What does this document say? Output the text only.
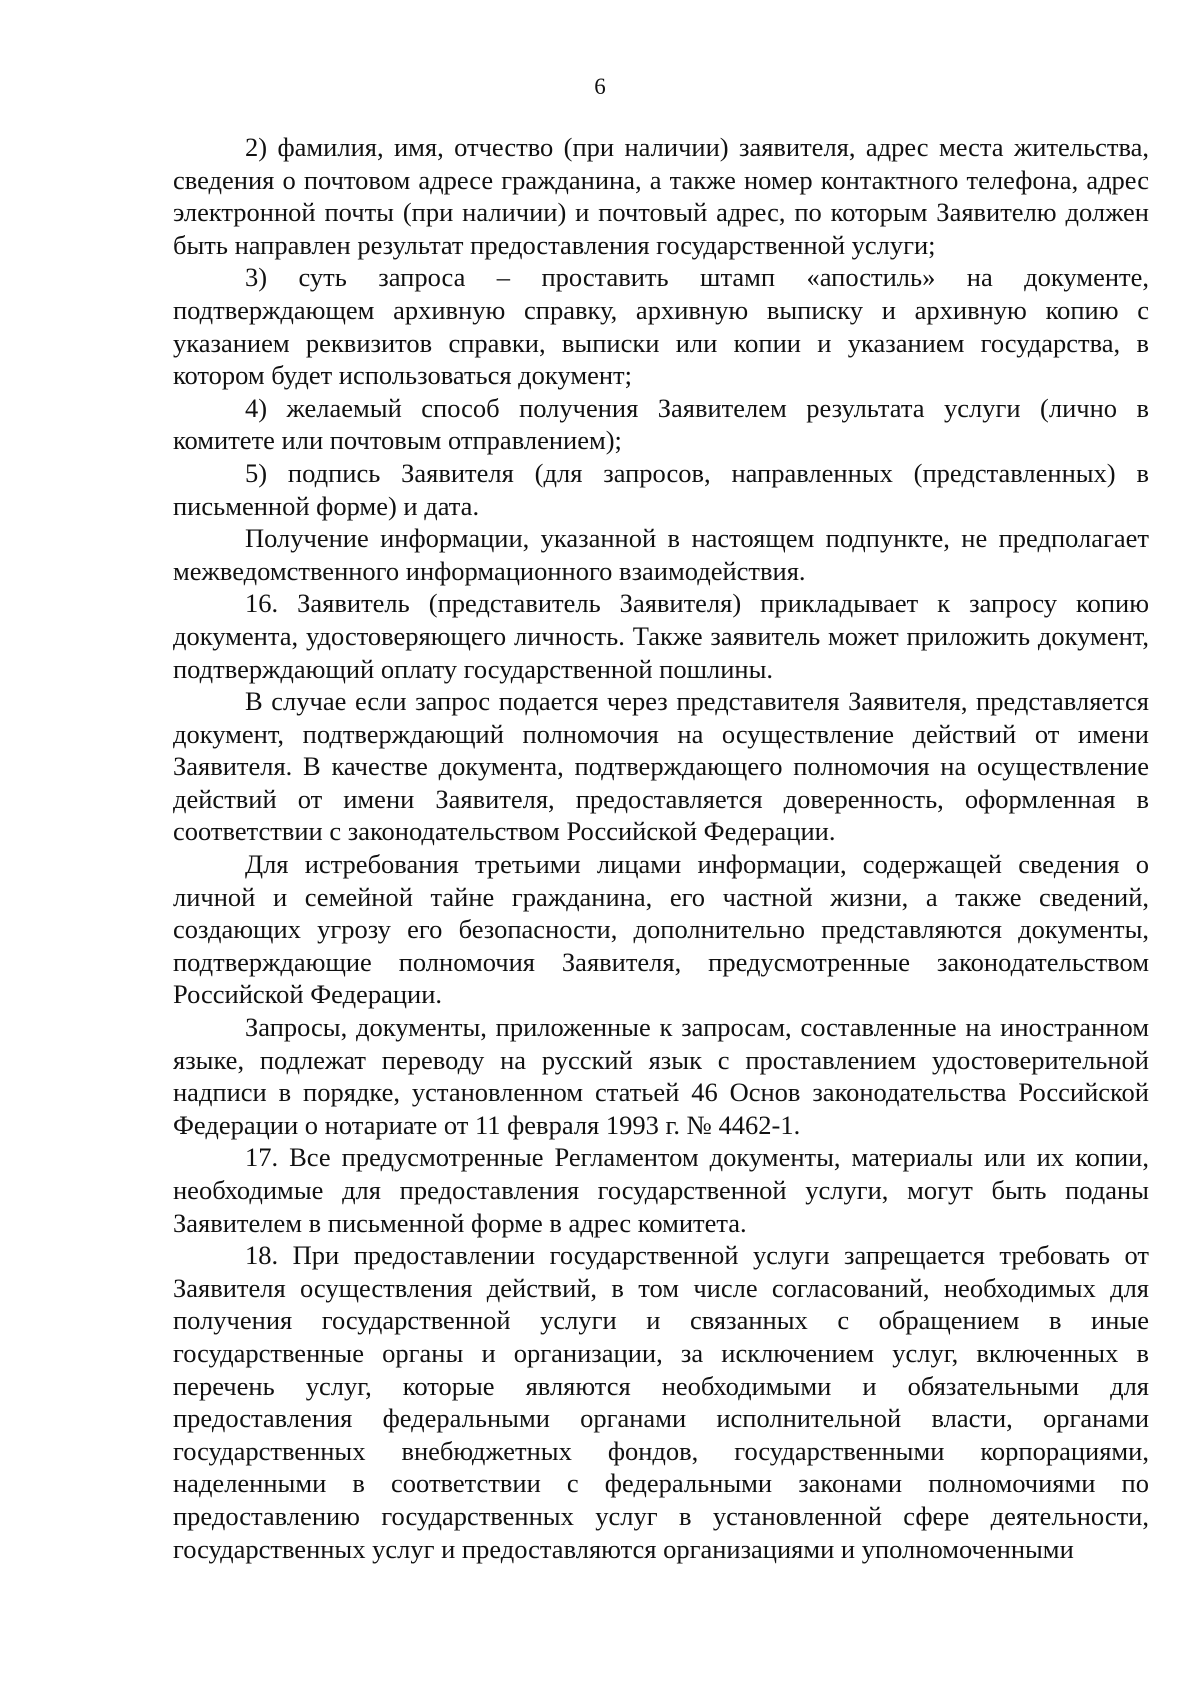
6

2) фамилия, имя, отчество (при наличии) заявителя, адрес места жительства, сведения о почтовом адресе гражданина, а также номер контактного телефона, адрес электронной почты (при наличии) и почтовый адрес, по которым Заявителю должен быть направлен результат предоставления государственной услуги;

3) суть запроса – проставить штамп «апостиль» на документе, подтверждающем архивную справку, архивную выписку и архивную копию с указанием реквизитов справки, выписки или копии и указанием государства, в котором будет использоваться документ;

4) желаемый способ получения Заявителем результата услуги (лично в комитете или почтовым отправлением);

5) подпись Заявителя (для запросов, направленных (представленных) в письменной форме) и дата.

Получение информации, указанной в настоящем подпункте, не предполагает межведомственного информационного взаимодействия.

16. Заявитель (представитель Заявителя) прикладывает к запросу копию документа, удостоверяющего личность. Также заявитель может приложить документ, подтверждающий оплату государственной пошлины.

В случае если запрос подается через представителя Заявителя, представляется документ, подтверждающий полномочия на осуществление действий от имени Заявителя. В качестве документа, подтверждающего полномочия на осуществление действий от имени Заявителя, предоставляется доверенность, оформленная в соответствии с законодательством Российской Федерации.

Для истребования третьими лицами информации, содержащей сведения о личной и семейной тайне гражданина, его частной жизни, а также сведений, создающих угрозу его безопасности, дополнительно представляются документы, подтверждающие полномочия Заявителя, предусмотренные законодательством Российской Федерации.

Запросы, документы, приложенные к запросам, составленные на иностранном языке, подлежат переводу на русский язык с проставлением удостоверительной надписи в порядке, установленном статьей 46 Основ законодательства Российской Федерации о нотариате от 11 февраля 1993 г. № 4462-1.

17. Все предусмотренные Регламентом документы, материалы или их копии, необходимые для предоставления государственной услуги, могут быть поданы Заявителем в письменной форме в адрес комитета.

18. При предоставлении государственной услуги запрещается требовать от Заявителя осуществления действий, в том числе согласований, необходимых для получения государственной услуги и связанных с обращением в иные государственные органы и организации, за исключением услуг, включенных в перечень услуг, которые являются необходимыми и обязательными для предоставления федеральными органами исполнительной власти, органами государственных внебюджетных фондов, государственными корпорациями, наделенными в соответствии с федеральными законами полномочиями по предоставлению государственных услуг в установленной сфере деятельности, государственных услуг и предоставляются организациями и уполномоченными
